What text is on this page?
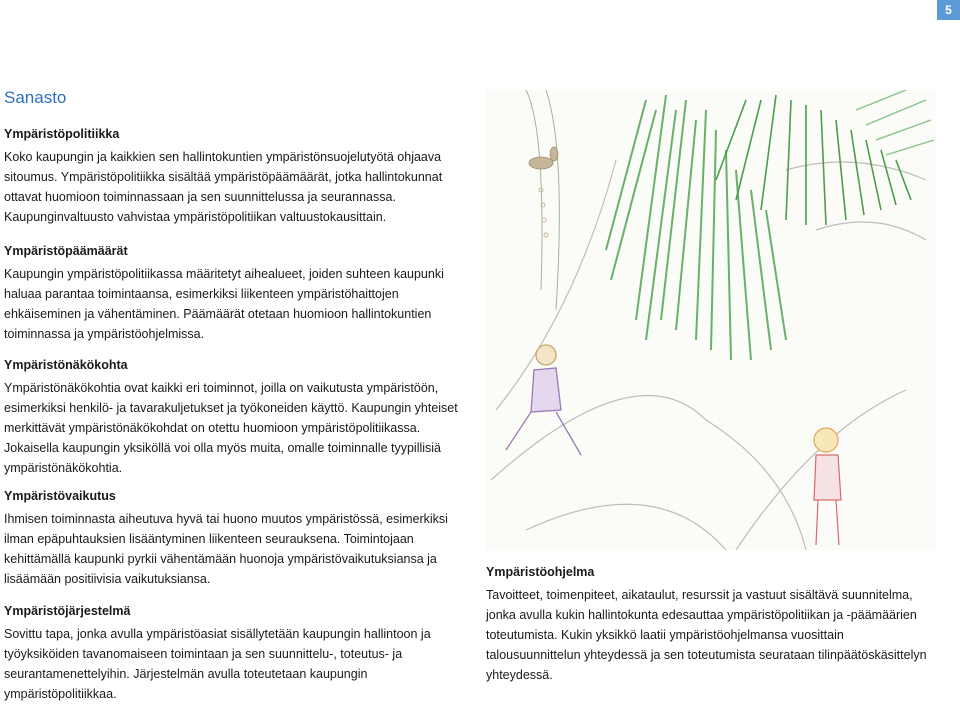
5
Sanasto
Ympäristöpolitiikka

Koko kaupungin ja kaikkien sen hallintokuntien ympäristönsuojelutyötä ohjaava sitoumus. Ympäristöpolitiikka sisältää ympäristöpäämäärät, jotka hallintokunnat ottavat huomioon toiminnassaan ja sen suunnittelussa ja seurannassa. Kaupunginvaltuusto vahvistaa ympäristöpolitiikan valtuustokausittain.

Ympäristöpäämäärät

Kaupungin ympäristöpolitiikassa määritetyt aihealueet, joiden suhteen kaupunki haluaa parantaa toimintaansa, esimerkiksi liikenteen ympäristöhaittojen ehkäiseminen ja vähentäminen. Päämäärät otetaan huomioon hallintokuntien toiminnassa ja ympäristöohjelmissa.

Ympäristönäkökohta

Ympäristönäkökohtia ovat kaikki eri toiminnot, joilla on vaikutusta ympäristöön, esimerkiksi henkilö- ja tavarakuljetukset ja työkoneiden käyttö. Kaupungin yhteiset merkittävät ympäristönäkökohdat on otettu huomioon ympäristöpolitiikassa. Jokaisella kaupungin yksiköllä voi olla myös muita, omalle toiminnalle tyypillisiä ympäristönäkökohtia.

Ympäristövaikutus

Ihmisen toiminnasta aiheutuva hyvä tai huono muutos ympäristössä, esimerkiksi ilman epäpuhtauksien lisääntyminen liikenteen seurauksena. Toimintojaan kehittämällä kaupunki pyrkii vähentämään huonoja ympäristövaikutuksiansa ja lisäämään positiivisia vaikutuksiansa.

Ympäristöjärjestelmä

Sovittu tapa, jonka avulla ympäristöasiat sisällytetään kaupungin hallintoon ja työyksiköiden tavanomaiseen toimintaan ja sen suunnittelu-, toteutus- ja seurantamenettelyihin. Järjestelmän avulla toteutetaan kaupungin ympäristöpolitiikkaa.

Ympäristöohjelma

Tavoitteet, toimenpiteet, aikataulut, resurssit ja vastuut sisältävä suunnitelma, jonka avulla kukin hallintokunta edesauttaa ympäristöpolitiikan ja -päämäärien toteutumista. Kukin yksikkö laatii ympäristöohjelmansa vuosittain talousuunnittelun yhteydessä ja sen toteutumista seurataan tilinpäätöskäsittelyn yhteydessä.
